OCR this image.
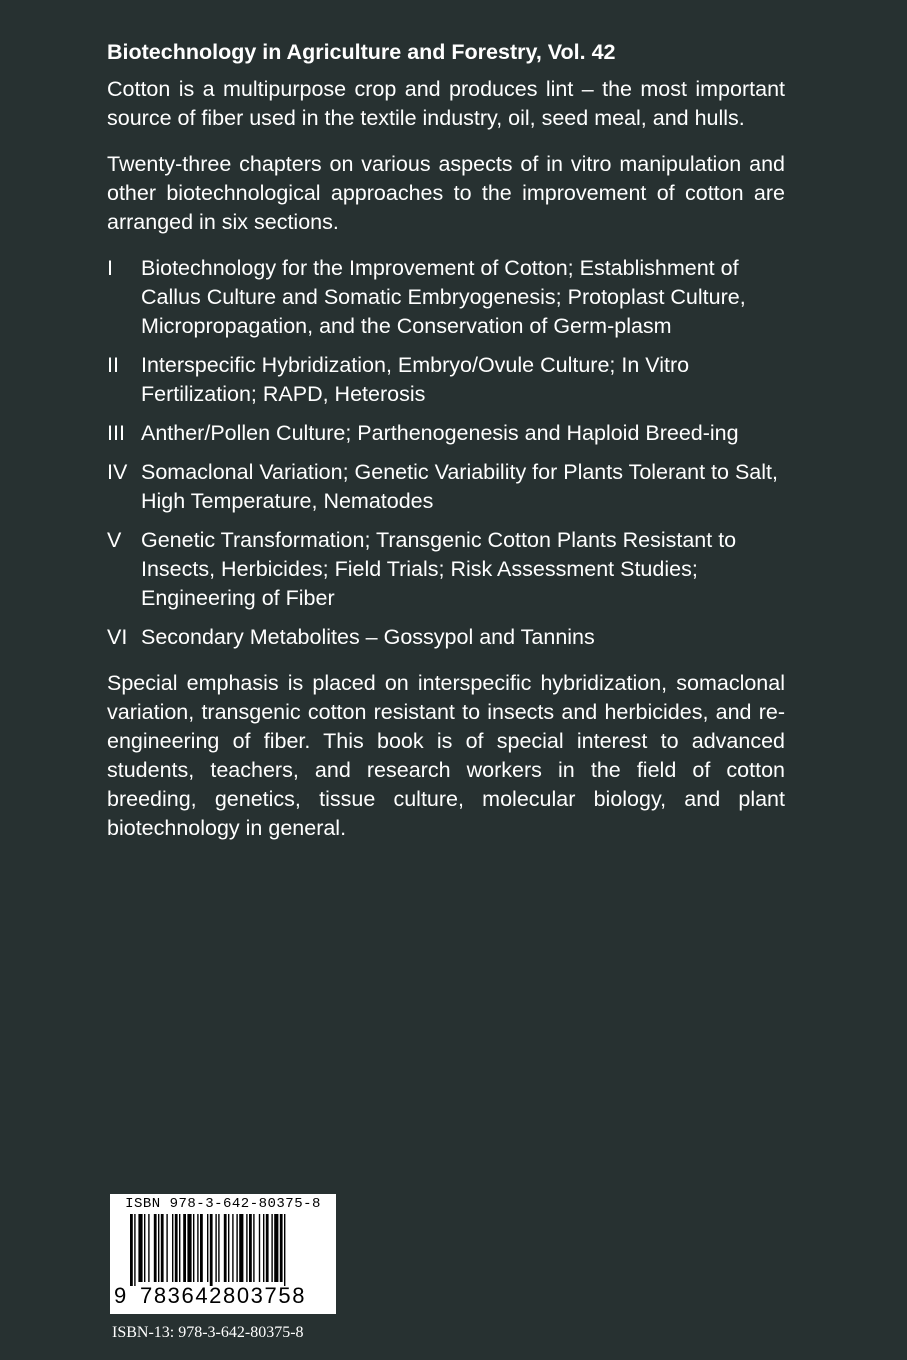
Biotechnology in Agriculture and Forestry, Vol. 42

Cotton is a multipurpose crop and produces lint – the most important source of fiber used in the textile industry, oil, seed meal, and hulls.

Twenty-three chapters on various aspects of in vitro manipulation and other biotechnological approaches to the improvement of cotton are arranged in six sections.

I	Biotechnology for the Improvement of Cotton; Establishment of Callus Culture and Somatic Embryogenesis; Protoplast Culture, Micropropagation, and the Conservation of Germ-plasm
II	Interspecific Hybridization, Embryo/Ovule Culture; In Vitro Fertilization; RAPD, Heterosis
III Anther/Pollen Culture; Parthenogenesis and Haploid Breed-ing
IV Somaclonal Variation; Genetic Variability for Plants Tolerant to Salt, High Temperature, Nematodes
V Genetic Transformation; Transgenic Cotton Plants Resistant to Insects, Herbicides; Field Trials; Risk Assessment Studies; Engineering of Fiber
VI Secondary Metabolites – Gossypol and Tannins

Special emphasis is placed on interspecific hybridization, somaclonal variation, transgenic cotton resistant to insects and herbicides, and re-engineering of fiber. This book is of special interest to advanced students, teachers, and research workers in the field of cotton breeding, genetics, tissue culture, molecular biology, and plant biotechnology in general.

ISBN 978-3-642-80375-8
9 783642803758
ISBN-13: 978-3-642-80375-8
